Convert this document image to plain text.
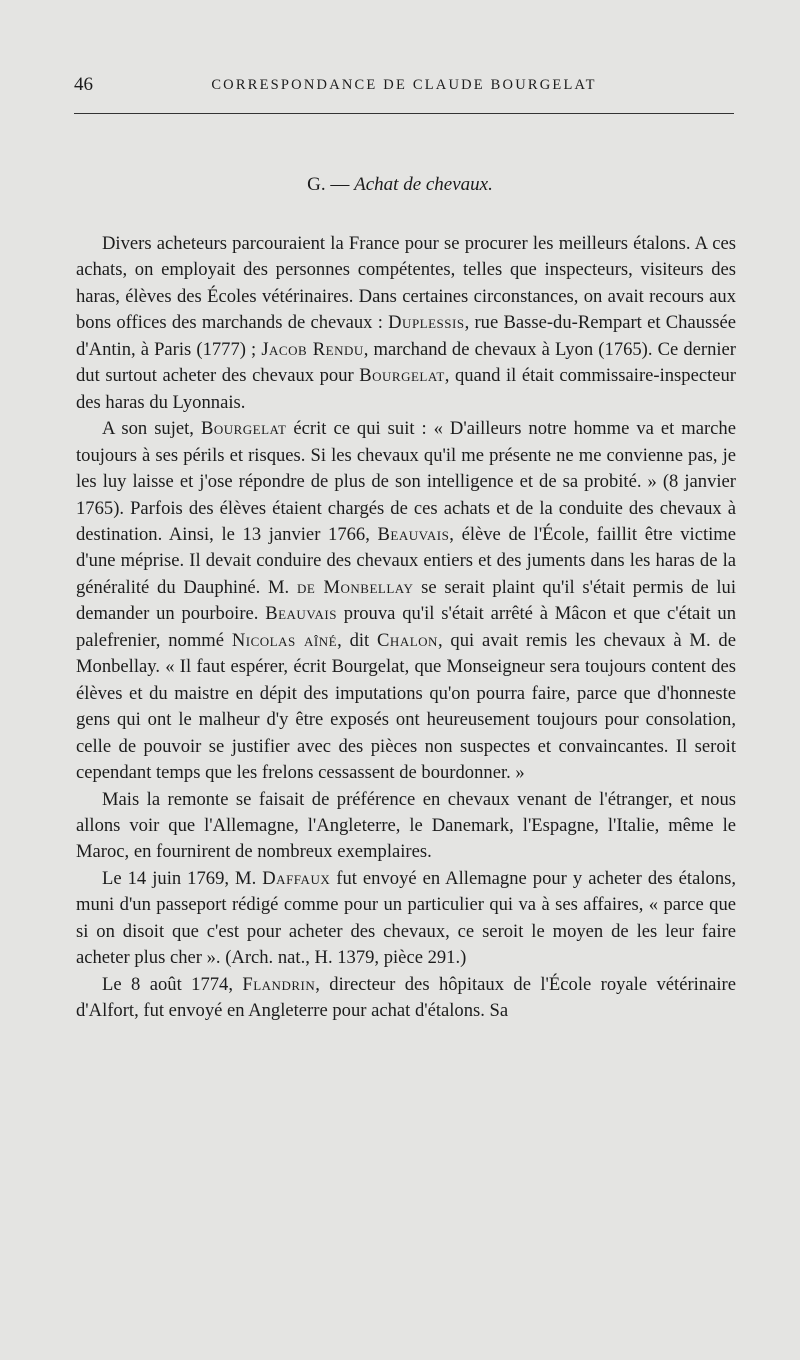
46	CORRESPONDANCE DE CLAUDE BOURGELAT
G. — Achat de chevaux.

Divers acheteurs parcouraient la France pour se procurer les meilleurs étalons. A ces achats, on employait des personnes compétentes, telles que inspecteurs, visiteurs des haras, élèves des Écoles vétérinaires. Dans certaines circonstances, on avait recours aux bons offices des marchands de chevaux : Duplessis, rue Basse-du-Rempart et Chaussée d'Antin, à Paris (1777) ; Jacob Rendu, marchand de chevaux à Lyon (1765). Ce dernier dut surtout acheter des chevaux pour Bourgelat, quand il était commissaire-inspecteur des haras du Lyonnais.

A son sujet, Bourgelat écrit ce qui suit : « D'ailleurs notre homme va et marche toujours à ses périls et risques. Si les chevaux qu'il me présente ne me convienne pas, je les luy laisse et j'ose répondre de plus de son intelligence et de sa probité. » (8 janvier 1765). Parfois des élèves étaient chargés de ces achats et de la conduite des chevaux à destination. Ainsi, le 13 janvier 1766, Beauvais, élève de l'École, faillit être victime d'une méprise. Il devait conduire des chevaux entiers et des juments dans les haras de la généralité du Dauphiné. M. de Monbellay se serait plaint qu'il s'était permis de lui demander un pourboire. Beauvais prouva qu'il s'était arrêté à Mâcon et que c'était un palefrenier, nommé Nicolas aîné, dit Chalon, qui avait remis les chevaux à M. de Monbellay. « Il faut espérer, écrit Bourgelat, que Monseigneur sera toujours content des élèves et du maistre en dépit des imputations qu'on pourra faire, parce que d'honneste gens qui ont le malheur d'y être exposés ont heureusement toujours pour consolation, celle de pouvoir se justifier avec des pièces non suspectes et convaincantes. Il seroit cependant temps que les frelons cessassent de bourdonner. »

Mais la remonte se faisait de préférence en chevaux venant de l'étranger, et nous allons voir que l'Allemagne, l'Angleterre, le Danemark, l'Espagne, l'Italie, même le Maroc, en fournirent de nombreux exemplaires.

Le 14 juin 1769, M. Daffaux fut envoyé en Allemagne pour y acheter des étalons, muni d'un passeport rédigé comme pour un particulier qui va à ses affaires, « parce que si on disoit que c'est pour acheter des chevaux, ce seroit le moyen de les leur faire acheter plus cher ». (Arch. nat., H. 1379, pièce 291.)

Le 8 août 1774, Flandrin, directeur des hôpitaux de l'École royale vétérinaire d'Alfort, fut envoyé en Angleterre pour achat d'étalons. Sa
